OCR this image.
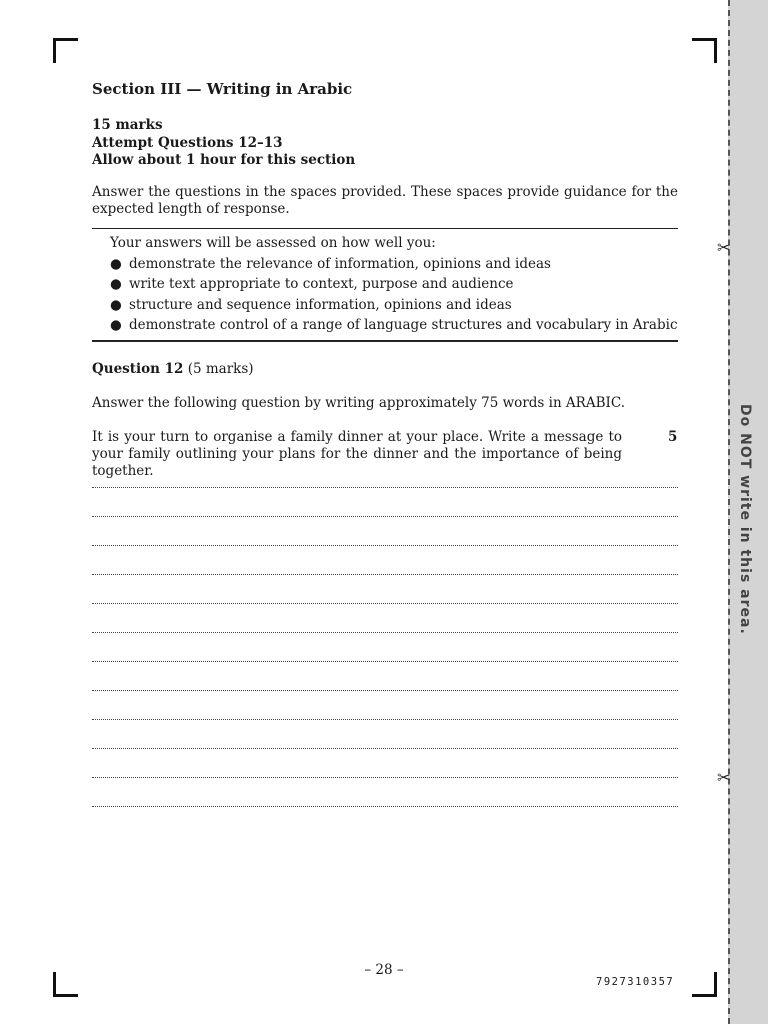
Do NOT write in this area.
✂
✂
Section III — Writing in Arabic
15 marks
Attempt Questions 12–13
Allow about 1 hour for this section
Answer the questions in the spaces provided. These spaces provide guidance for the expected length of response.
Your answers will be assessed on how well you:
● demonstrate the relevance of information, opinions and ideas
● write text appropriate to context, purpose and audience
● structure and sequence information, opinions and ideas
● demonstrate control of a range of language structures and vocabulary in Arabic
Question 12 (5 marks)
Answer the following question by writing approximately 75 words in ARABIC.
It is your turn to organise a family dinner at your place. Write a message to your family outlining your plans for the dinner and the importance of being together.
5
– 28 –
7927310357
